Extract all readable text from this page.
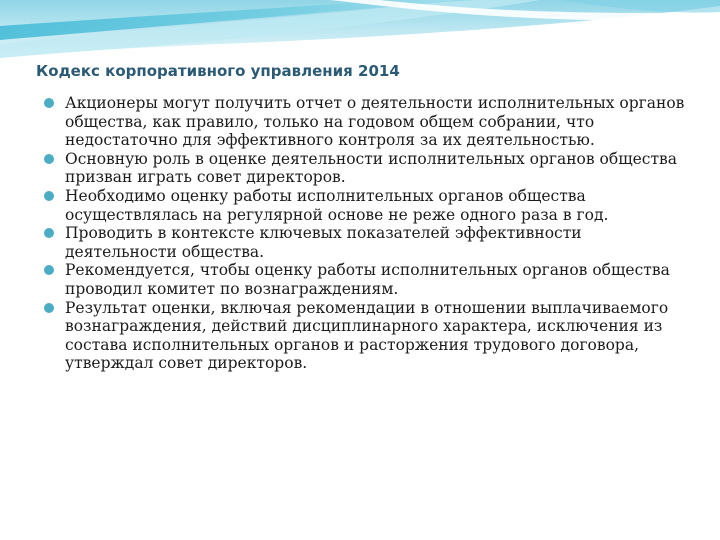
Кодекс корпоративного управления 2014
Акционеры могут получить отчет о деятельности исполнительных органов общества, как правило, только на годовом общем собрании, что недостаточно для эффективного контроля за их деятельностью.
Основную роль в оценке деятельности исполнительных органов общества призван играть совет директоров.
Необходимо оценку работы исполнительных органов общества осуществлялась на регулярной основе не реже одного раза в год.
Проводить в контексте ключевых показателей эффективности деятельности общества.
Рекомендуется, чтобы оценку работы исполнительных органов общества проводил комитет по вознаграждениям.
Результат оценки, включая рекомендации в отношении выплачиваемого вознаграждения, действий дисциплинарного характера, исключения из состава исполнительных органов и расторжения трудового договора, утверждал совет директоров.
